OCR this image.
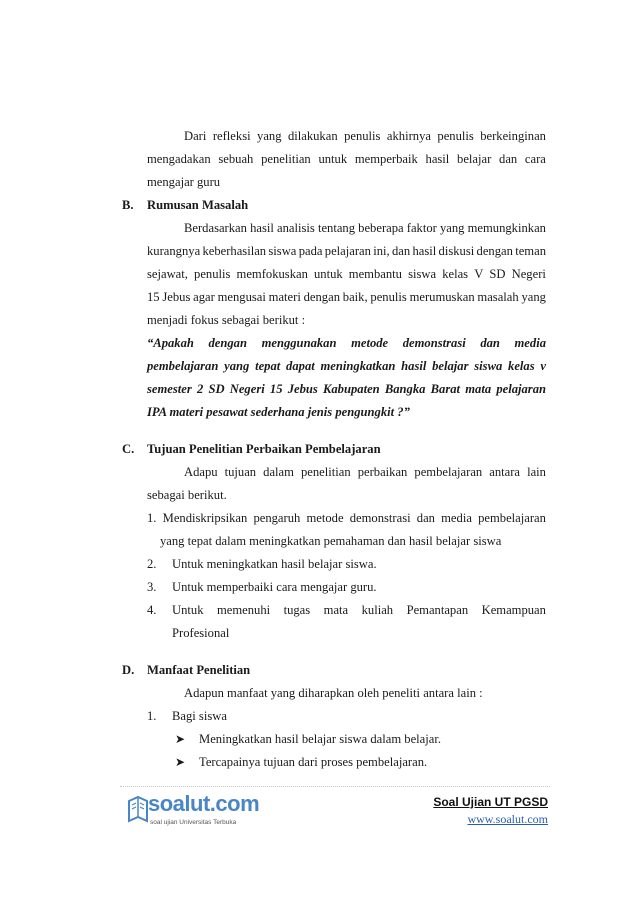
Dari refleksi yang dilakukan penulis akhirnya penulis berkeinginan
mengadakan sebuah penelitian untuk memperbaik hasil belajar dan cara
mengajar guru
B. Rumusan Masalah
Berdasarkan hasil analisis tentang beberapa faktor yang memungkinkan
kurangnya keberhasilan siswa pada pelajaran ini, dan hasil diskusi dengan teman
sejawat, penulis memfokuskan untuk membantu siswa kelas V SD Negeri
15 Jebus agar mengusai materi dengan baik, penulis merumuskan masalah yang
menjadi fokus sebagai berikut :
“Apakah dengan menggunakan metode demonstrasi dan media
pembelajaran yang tepat dapat meningkatkan hasil belajar siswa kelas v
semester 2 SD Negeri 15 Jebus Kabupaten Bangka Barat mata pelajaran
IPA materi pesawat sederhana jenis pengungkit ?”
C. Tujuan Penelitian Perbaikan Pembelajaran
Adapu tujuan dalam penelitian perbaikan pembelajaran antara lain
sebagai berikut.
1. Mendiskripsikan pengaruh metode demonstrasi dan media pembelajaran
yang tepat dalam meningkatkan pemahaman dan hasil belajar siswa
2. Untuk meningkatkan hasil belajar siswa.
3. Untuk memperbaiki cara mengajar guru.
4. Untuk memenuhi tugas mata kuliah Pemantapan Kemampuan
Profesional
D. Manfaat Penelitian
Adapun manfaat yang diharapkan oleh peneliti antara lain :
1. Bagi siswa
➤ Meningkatkan hasil belajar siswa dalam belajar.
➤ Tercapainya tujuan dari proses pembelajaran.
soalut.com
soal ujian Universitas Terbuka
Soal Ujian UT PGSD
www.soalut.com
